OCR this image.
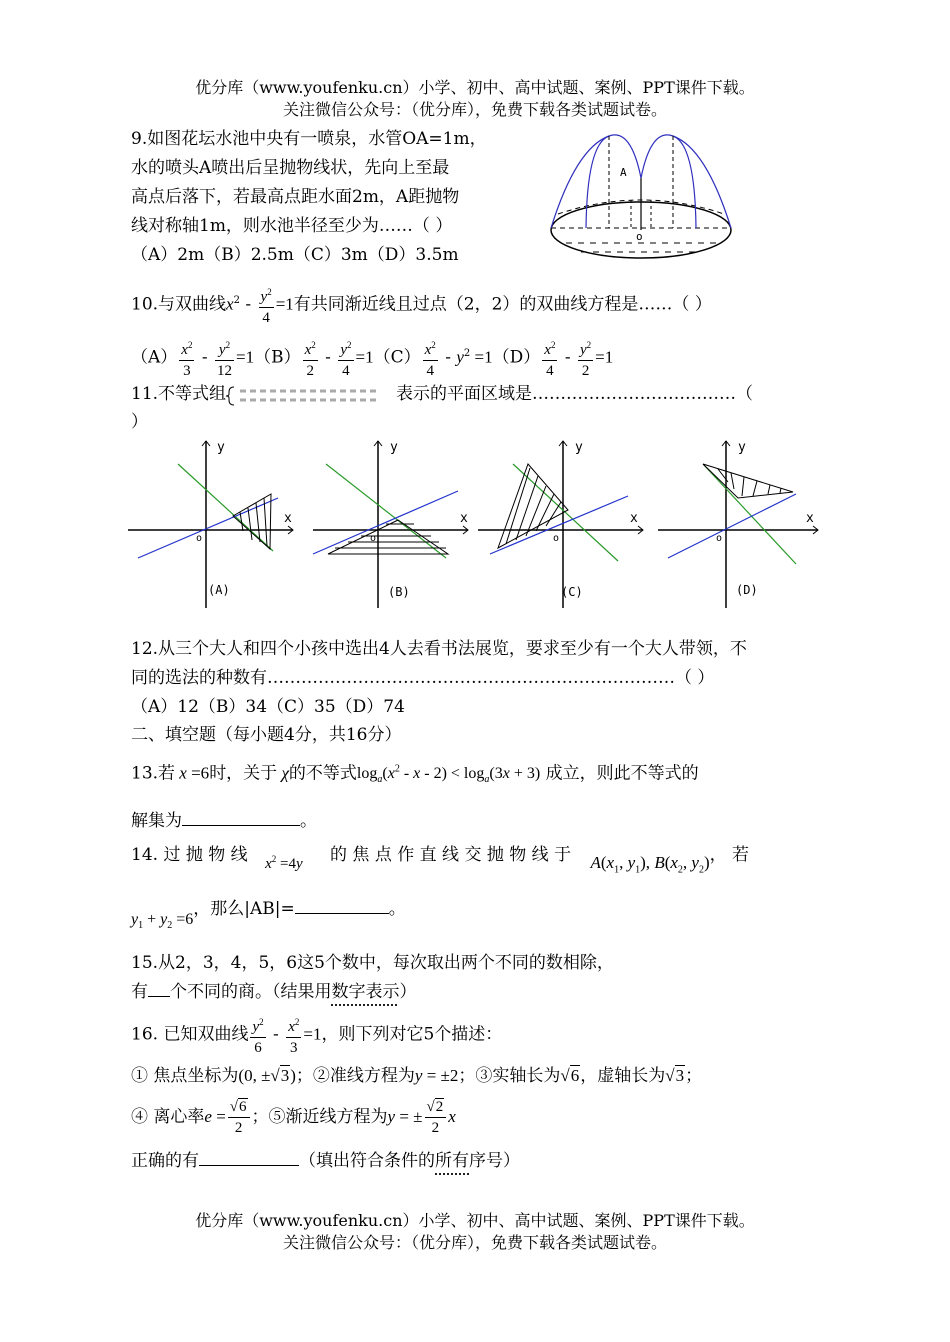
优分库（www.youfenku.cn）小学、初中、高中试题、案例、PPT课件下载。
关注微信公众号：（优分库），免费下载各类试题试卷。
9.如图花坛水池中央有一喷泉，水管OA=1m，
水的喷头A喷出后呈抛物线状，先向上至最
高点后落下，若最高点距水面2m，A距抛物
线对称轴1m，则水池半径至少为……（ ）
（A）2m（B）2.5m（C）3m（D）3.5m
A
o
10.与双曲线$x^2 - \frac{y^2}{4} =1$有共同渐近线且过点（2，2）的双曲线方程是……（ ）
$(A) \frac{x^2}{3} - \frac{y^2}{12} =1(B) \frac{x^2}{2} - \frac{y^2}{4} =1(C) \frac{x^2}{4} - y^2 =1(D) \frac{x^2}{4} - \frac{y^2}{2} =1$
11.不等式组	表示的平面区域是………………………………（
）
y
x
o
(A)
y
x
o
(B)
y
x
o
(C)
y
x
o
(D)
12.从三个大人和四个小孩中选出4人去看书法展览，要求至少有一个大人带领，不
同的选法的种数有………………………………………………………………（ ）
（A）12（B）34（C）35（D）74
二、填空题（每小题4分，共16分）
13.若 x =6时，关于 χ的不等式$\log_a(x^2 - x - 2) < \log_a(3x + 3)$ 成立，则此不等式的
解集为	。
14. 过 抛 物 线 $x^2 =4y$ 的 焦 点 作 直 线 交 抛 物 线 于 $A(x_1$, $y_1$), $B(x_2$, $y_2$)， 若
$y_1 + y_2 =6$，那么|AB|=	。
15.从2，3，4，5，6这5个数中，每次取出两个不同的数相除，
有 个不同的商。（结果用数字表示）
16. 已知双曲线 $\frac{y^2}{6} - \frac{x^2}{3} =1$，则下列对它5个描述：
① 焦点坐标为(0, ±√3)；②准线方程为y = ±2；③实轴长为√6，虚轴长为√3；
④ 离心率$e = \frac{√6}{2}$ ；⑤渐近线方程为y = ± $\frac{√2}{2}$ x
正确的有	（填出符合条件的所有序号）
优分库（www.youfenku.cn）小学、初中、高中试题、案例、PPT课件下载。
关注微信公众号：（优分库），免费下载各类试题试卷。
